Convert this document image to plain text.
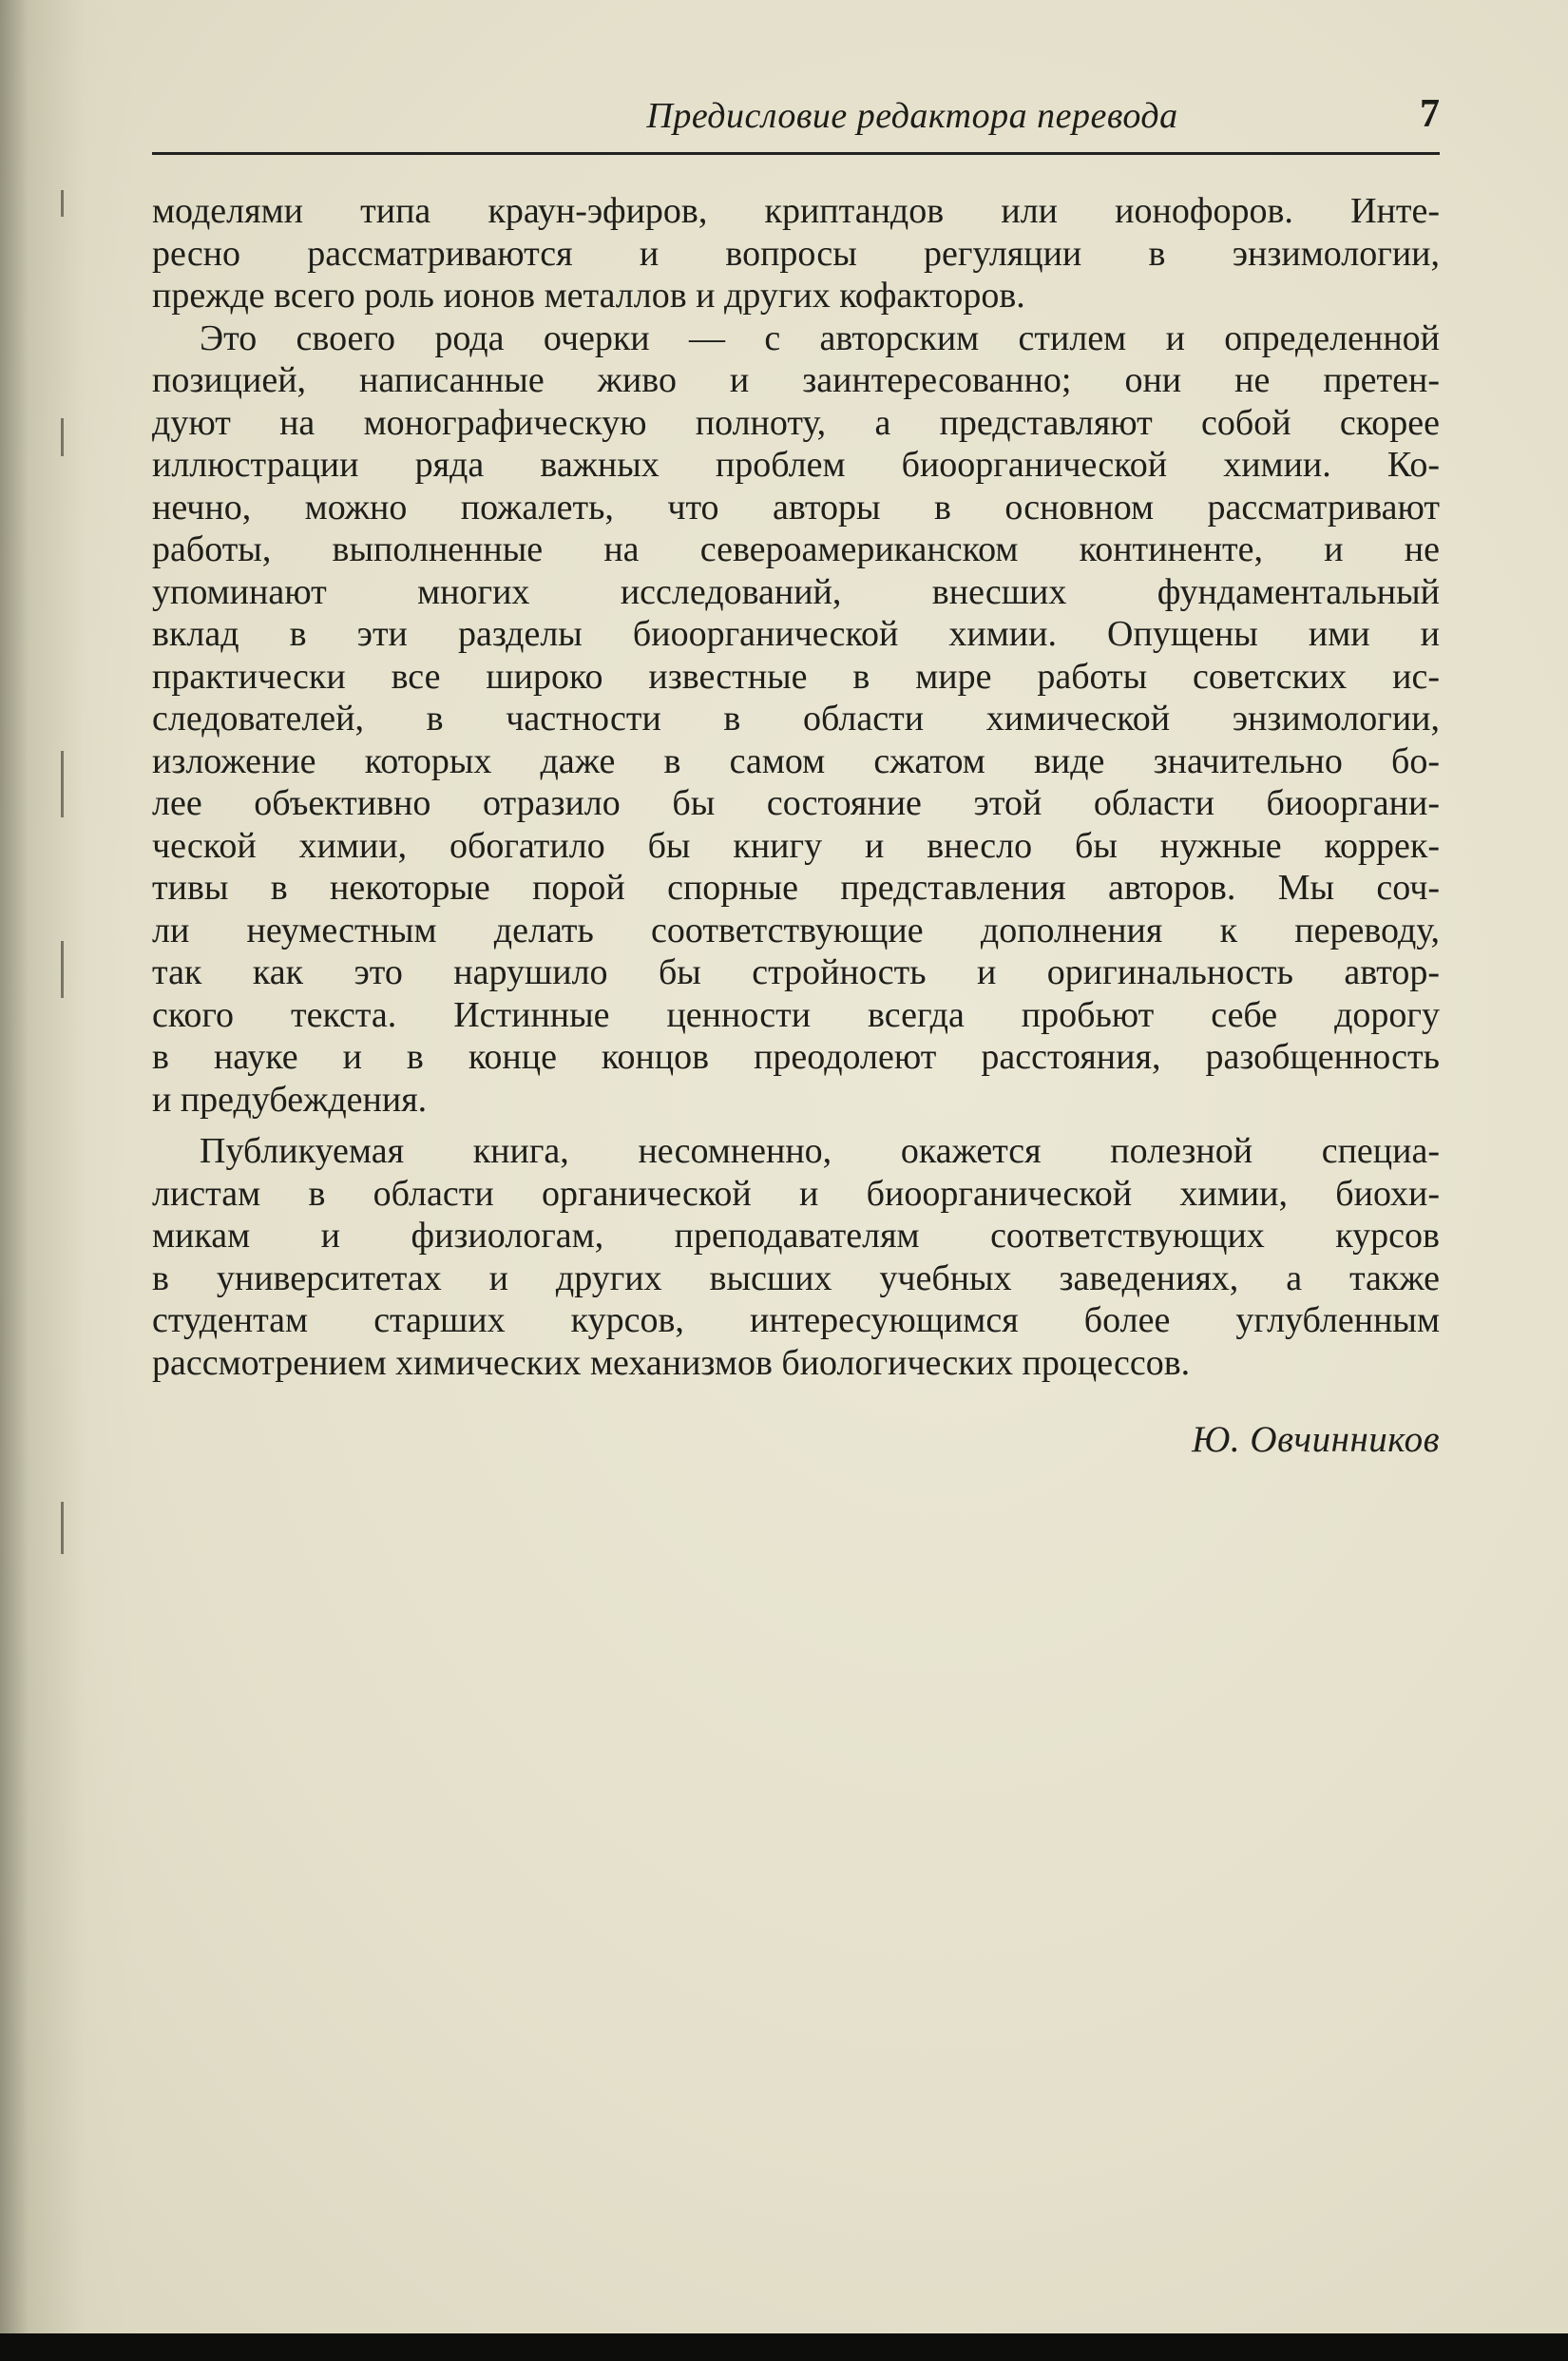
Предисловие редактора перевода	7
моделями типа краун-эфиров, криптандов или ионофоров. Инте-
ресно рассматриваются и вопросы регуляции в энзимологии,
прежде всего роль ионов металлов и других кофакторов.
Это своего рода очерки — с авторским стилем и определенной
позицией, написанные живо и заинтересованно; они не претен-
дуют на монографическую полноту, а представляют собой скорее
иллюстрации ряда важных проблем биоорганической химии. Ко-
нечно, можно пожалеть, что авторы в основном рассматривают
работы, выполненные на североамериканском континенте, и не
упоминают многих исследований, внесших фундаментальный
вклад в эти разделы биоорганической химии. Опущены ими и
практически все широко известные в мире работы советских ис-
следователей, в частности в области химической энзимологии,
изложение которых даже в самом сжатом виде значительно бо-
лее объективно отразило бы состояние этой области биооргани-
ческой химии, обогатило бы книгу и внесло бы нужные коррек-
тивы в некоторые порой спорные представления авторов. Мы соч-
ли неуместным делать соответствующие дополнения к переводу,
так как это нарушило бы стройность и оригинальность автор-
ского текста. Истинные ценности всегда пробьют себе дорогу
в науке и в конце концов преодолеют расстояния, разобщенность
и предубеждения.
Публикуемая книга, несомненно, окажется полезной специа-
листам в области органической и биоорганической химии, биохи-
микам и физиологам, преподавателям соответствующих курсов
в университетах и других высших учебных заведениях, а также
студентам старших курсов, интересующимся более углубленным
рассмотрением химических механизмов биологических процессов.
Ю. Овчинников
